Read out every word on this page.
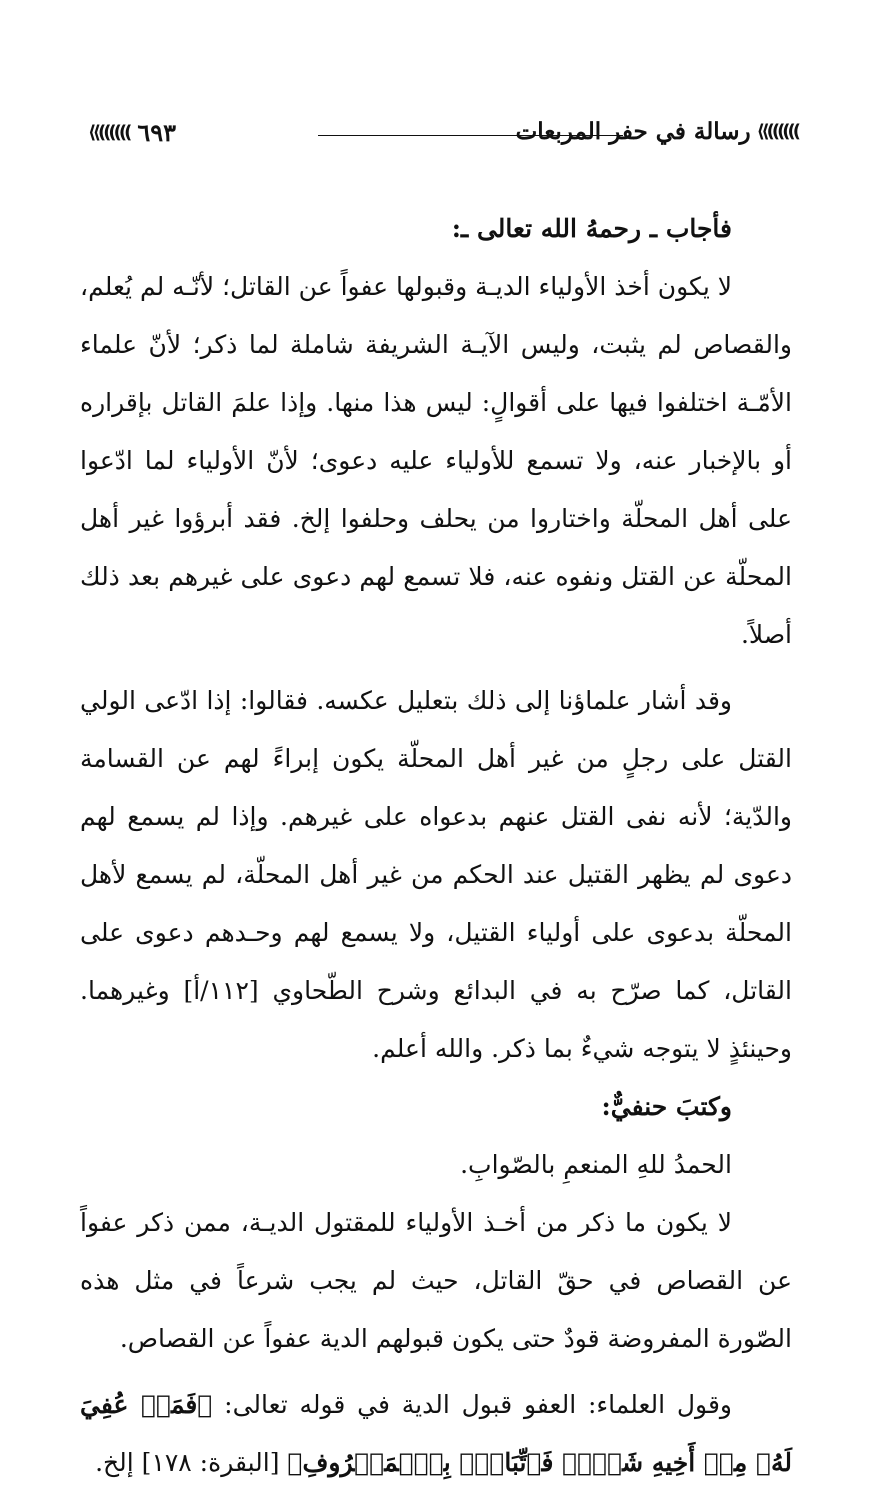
))))))⟫
رسالة في حفر المربعات
⟪(((((( ٦٩٣

فأجاب ـ رحمهُ الله تعالى ـ:

لا يكون أخذ الأولياء الديـة وقبولها عفواً عن القاتل؛ لأنّـه لم يُعلم، والقصاص لم يثبت، وليس الآيـة الشريفة شاملة لما ذكر؛ لأنّ علماء الأمّـة اختلفوا فيها على أقوالٍ: ليس هذا منها. وإذا علمَ القاتل بإقراره أو بالإخبار عنه، ولا تسمع للأولياء عليه دعوى؛ لأنّ الأولياء لما ادّعوا على أهل المحلّة واختاروا من يحلف وحلفوا إلخ. فقد أبرؤوا غير أهل المحلّة عن القتل ونفوه عنه، فلا تسمع لهم دعوى على غيرهم بعد ذلك أصلاً.

وقد أشار علماؤنا إلى ذلك بتعليل عكسه. فقالوا: إذا ادّعى الولي القتل على رجلٍ من غير أهل المحلّة يكون إبراءً لهم عن القسامة والدّية؛ لأنه نفى القتل عنهم بدعواه على غيرهم. وإذا لم يسمع لهم دعوى لم يظهر القتيل عند الحكم من غير أهل المحلّة، لم يسمع لأهل المحلّة بدعوى على أولياء القتيل، ولا يسمع لهم وحـدهم دعوى على القاتل، كما صرّح به في البدائع وشرح الطّحاوي [١١٢/أ] وغيرهما. وحينئذٍ لا يتوجه شيءٌ بما ذكر. والله أعلم.

وكتبَ حنفيٌّ:

الحمدُ للهِ المنعمِ بالصّوابِ.

لا يكون ما ذكر من أخـذ الأولياء للمقتول الديـة، ممن ذكر عفواً عن القصاص في حقّ القاتل، حيث لم يجب شرعاً في مثل هذه الصّورة المفروضة قودٌ حتى يكون قبولهم الدية عفواً عن القصاص.

وقول العلماء: العفو قبول الدية في قوله تعالى: ﴿فَمَنۡ عُفِيَ لَهُۥ مِنۡ أَخِيهِ شَيۡءٞ فَٱتِّبَاعُۢ بِٱلۡمَعۡرُوفِ﴾ [البقرة: ١٧٨] إلخ.
